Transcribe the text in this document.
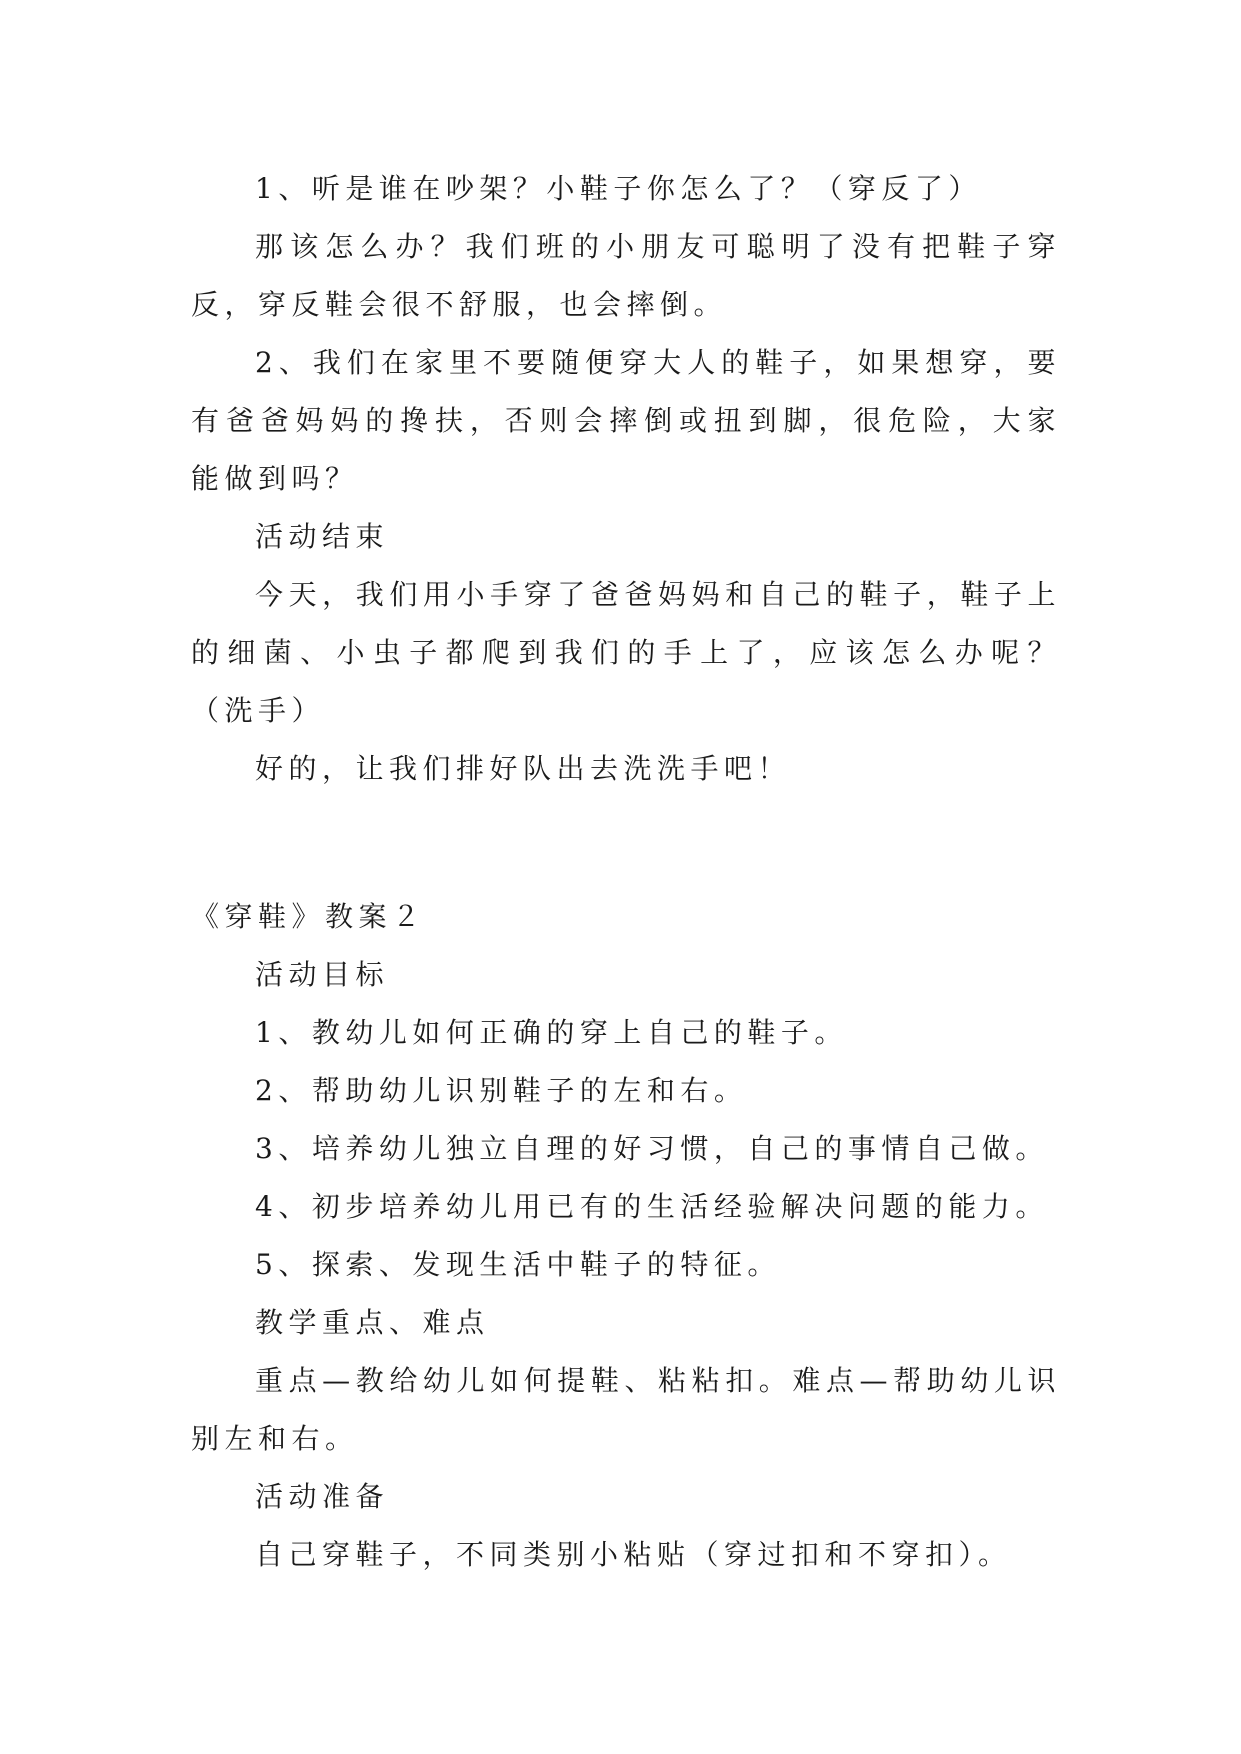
1、听是谁在吵架？小鞋子你怎么了？（穿反了）

那该怎么办？我们班的小朋友可聪明了没有把鞋子穿反，穿反鞋会很不舒服，也会摔倒。

2、我们在家里不要随便穿大人的鞋子，如果想穿，要有爸爸妈妈的搀扶，否则会摔倒或扭到脚，很危险，大家能做到吗？

活动结束

今天，我们用小手穿了爸爸妈妈和自己的鞋子，鞋子上的细菌、小虫子都爬到我们的手上了，应该怎么办呢？（洗手）

好的，让我们排好队出去洗洗手吧！

《穿鞋》教案２

活动目标

1、教幼儿如何正确的穿上自己的鞋子。

2、帮助幼儿识别鞋子的左和右。

3、培养幼儿独立自理的好习惯，自己的事情自己做。

4、初步培养幼儿用已有的生活经验解决问题的能力。

5、探索、发现生活中鞋子的特征。

教学重点、难点

重点—教给幼儿如何提鞋、粘粘扣。难点—帮助幼儿识别左和右。

活动准备

自己穿鞋子，不同类别小粘贴（穿过扣和不穿扣）。
